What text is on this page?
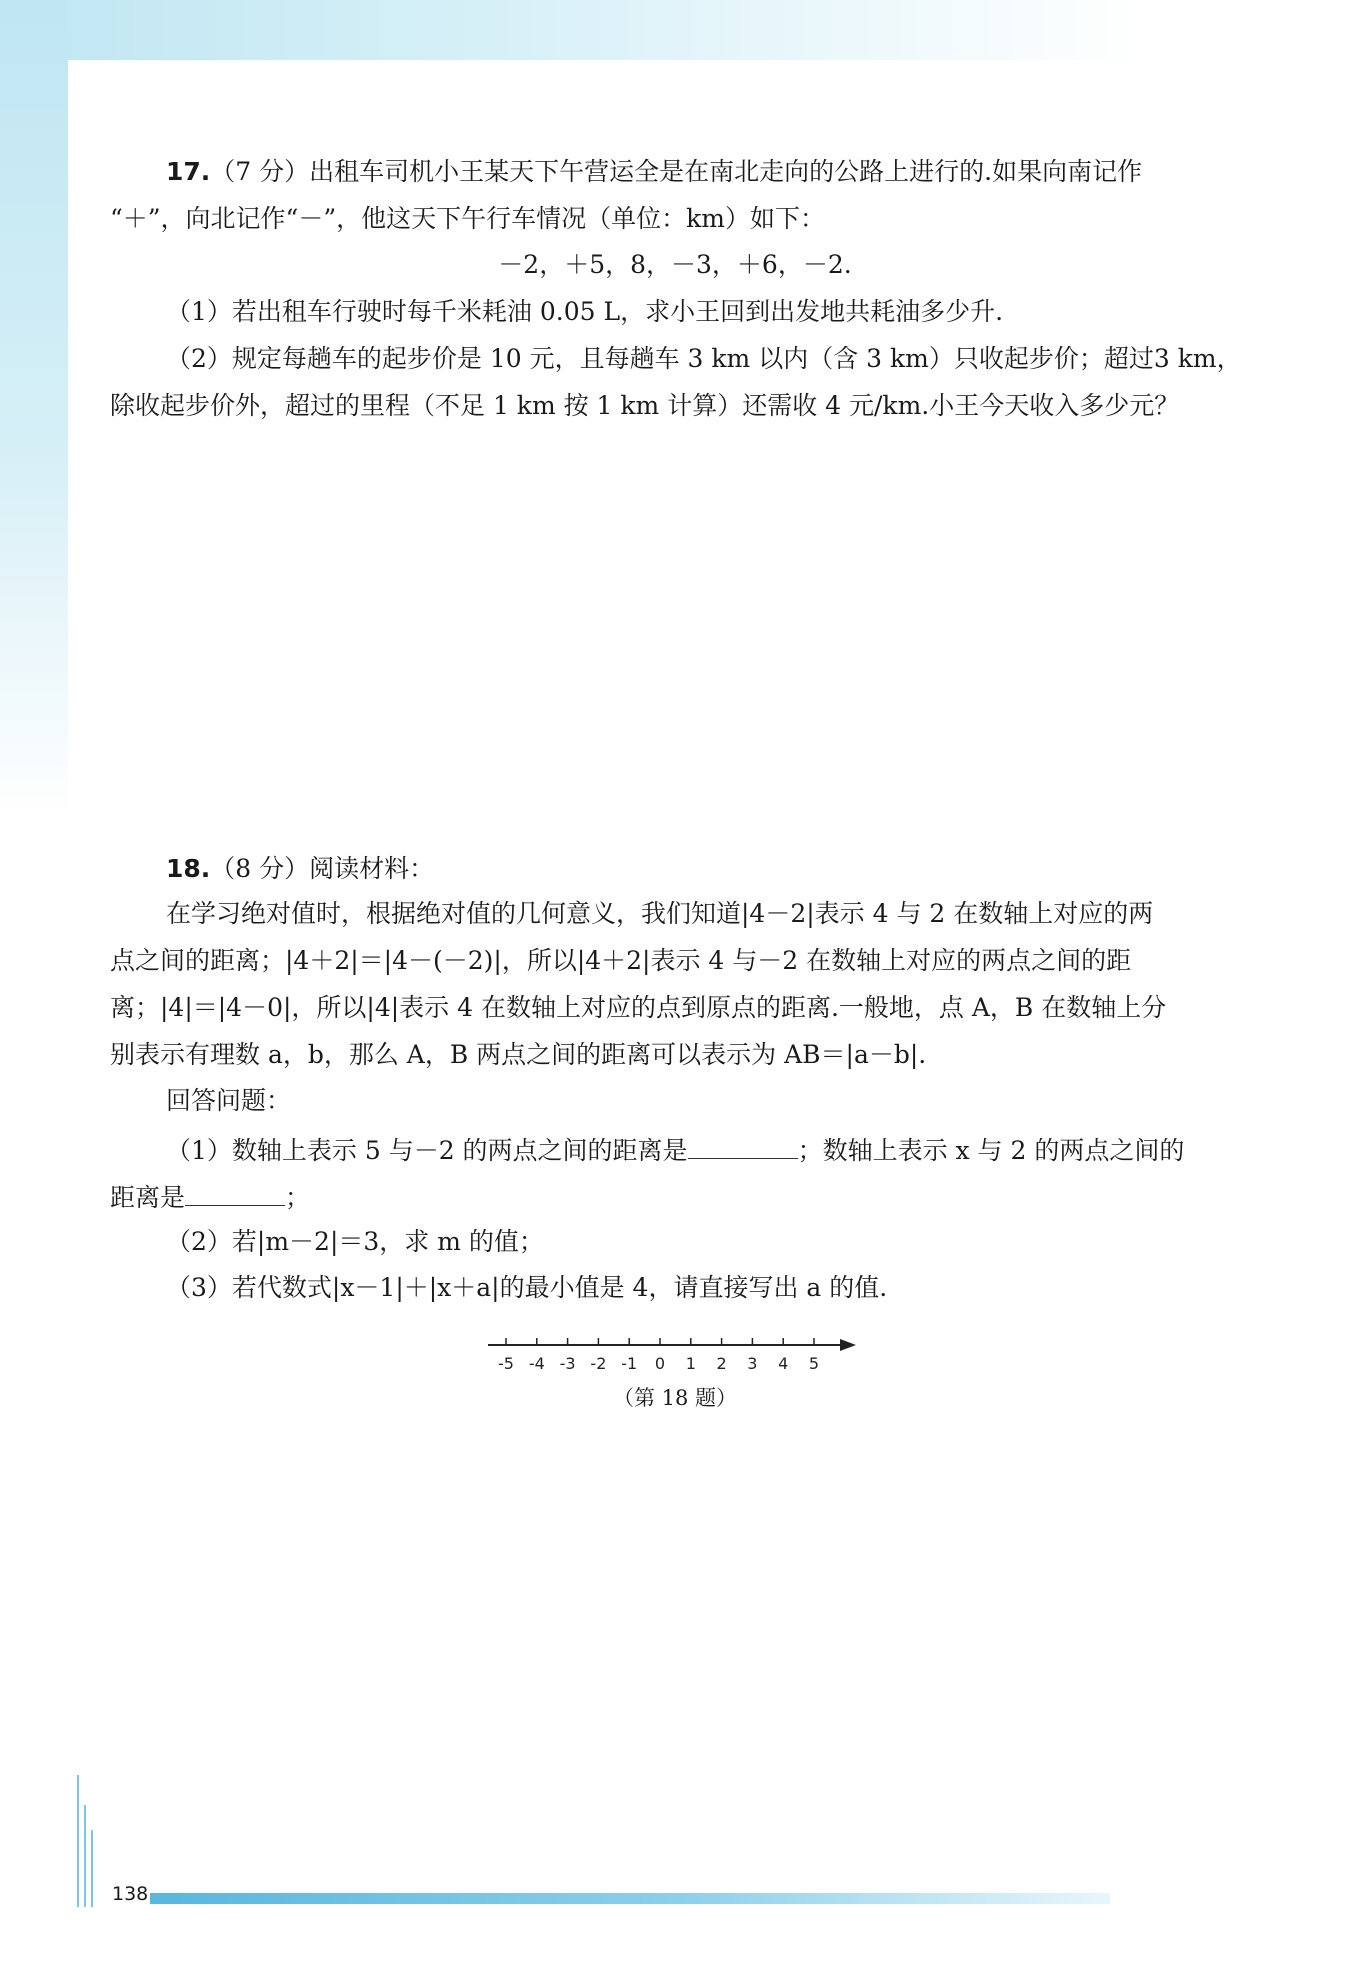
17.（7 分）出租车司机小王某天下午营运全是在南北走向的公路上进行的.如果向南记作
“＋”，向北记作“－”，他这天下午行车情况（单位：km）如下：
－2，＋5，8，－3，＋6，－2.
（1）若出租车行驶时每千米耗油 0.05 L，求小王回到出发地共耗油多少升.
（2）规定每趟车的起步价是 10 元，且每趟车 3 km 以内（含 3 km）只收起步价；超过3 km，
除收起步价外，超过的里程（不足 1 km 按 1 km 计算）还需收 4 元/km.小王今天收入多少元？
18.（8 分）阅读材料：
在学习绝对值时，根据绝对值的几何意义，我们知道|4－2|表示 4 与 2 在数轴上对应的两
点之间的距离；|4＋2|＝|4－(－2)|，所以|4＋2|表示 4 与－2 在数轴上对应的两点之间的距
离；|4|＝|4－0|，所以|4|表示 4 在数轴上对应的点到原点的距离.一般地，点 A，B 在数轴上分
别表示有理数 a，b，那么 A，B 两点之间的距离可以表示为 AB＝|a－b|.
回答问题：
（1）数轴上表示 5 与－2 的两点之间的距离是	；数轴上表示 x 与 2 的两点之间的
距离是	；
（2）若|m－2|＝3，求 m 的值；
（3）若代数式|x－1|＋|x＋a|的最小值是 4，请直接写出 a 的值.
-5 -4 -3 -2 -1 0 1 2 3 4 5
（第 18 题）
138
